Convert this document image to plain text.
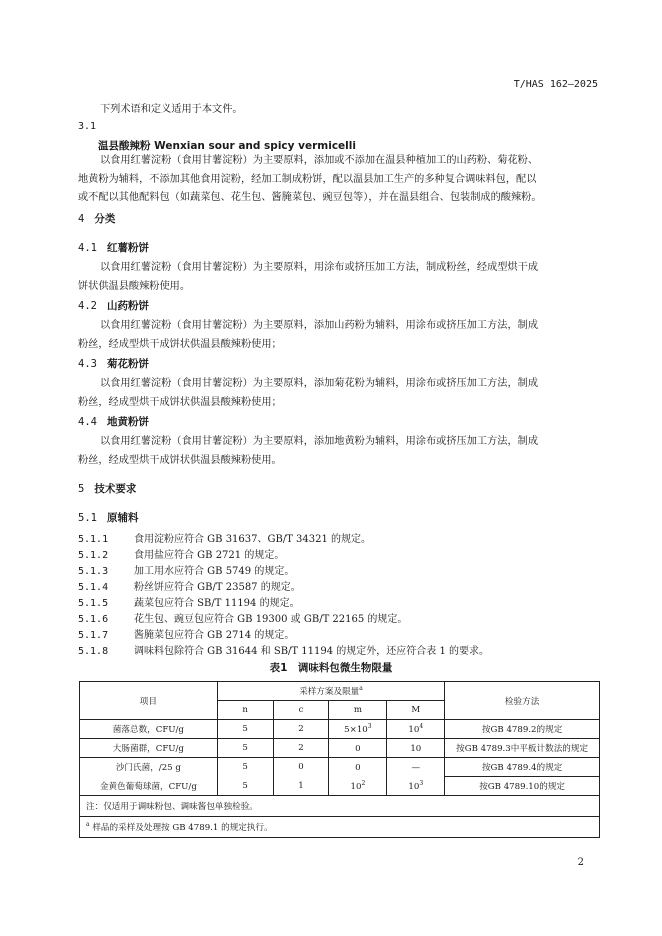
T/HAS 162—2025
下列术语和定义适用于本文件。
3.1
温县酸辣粉 Wenxian sour and spicy vermicelli
以食用红薯淀粉（食用甘薯淀粉）为主要原料，添加或不添加在温县种植加工的山药粉、菊花粉、
地黄粉为辅料，不添加其他食用淀粉，经加工制成粉饼，配以温县加工生产的多种复合调味料包，配以
或不配以其他配料包（如蔬菜包、花生包、酱腌菜包、豌豆包等），并在温县组合、包装制成的酸辣粉。
4 分类
4.1 红薯粉饼
以食用红薯淀粉（食用甘薯淀粉）为主要原料，用涂布或挤压加工方法，制成粉丝，经成型烘干成
饼状供温县酸辣粉使用。
4.2 山药粉饼
以食用红薯淀粉（食用甘薯淀粉）为主要原料，添加山药粉为辅料，用涂布或挤压加工方法，制成
粉丝，经成型烘干成饼状供温县酸辣粉使用；
4.3 菊花粉饼
以食用红薯淀粉（食用甘薯淀粉）为主要原料，添加菊花粉为辅料，用涂布或挤压加工方法，制成
粉丝，经成型烘干成饼状供温县酸辣粉使用；
4.4 地黄粉饼
以食用红薯淀粉（食用甘薯淀粉）为主要原料，添加地黄粉为辅料，用涂布或挤压加工方法，制成
粉丝，经成型烘干成饼状供温县酸辣粉使用。
5 技术要求
5.1 原辅料
5.1.1	食用淀粉应符合 GB 31637、GB/T 34321 的规定。
5.1.2	食用盐应符合 GB 2721 的规定。
5.1.3	加工用水应符合 GB 5749 的规定。
5.1.4	粉丝饼应符合 GB/T 23587 的规定。
5.1.5	蔬菜包应符合 SB/T 11194 的规定。
5.1.6	花生包、豌豆包应符合 GB 19300 或 GB/T 22165 的规定。
5.1.7	酱腌菜包应符合 GB 2714 的规定。
5.1.8	调味料包除符合 GB 31644 和 SB/T 11194 的规定外，还应符合表 1 的要求。
表1　调味料包微生物限量
项目	采样方案及限量$^a$				检验方法
	n	c	m	M	
菌落总数，CFU/g	5	2	$5\times 10^3$	$10^4$	按GB 4789.2的规定
大肠菌群，CFU/g	5	2	0	10	按GB 4789.3中平板计数法的规定
沙门氏菌，/25 g	5	0	0	—	按GB 4789.4的规定
金黄色葡萄球菌，CFU/g	5	1	$10^2$	$10^3$	按GB 4789.10的规定
注：仅适用于调味粉包、调味酱包单独检验。					
$^a$ 样品的采样及处理按 GB 4789.1 的规定执行。					
2
